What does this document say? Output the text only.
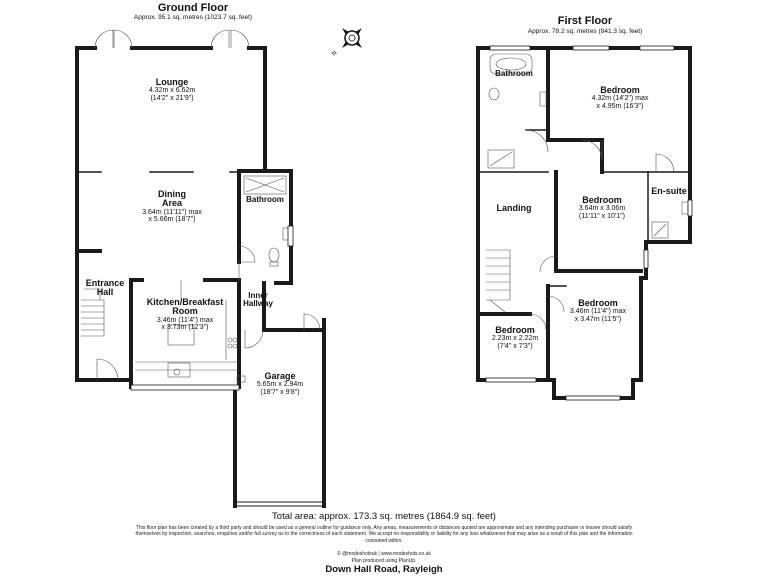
N
Ground Floor
Approx. 95.1 sq. metres (1023.7 sq. feet)	First Floor
Approx. 78.2 sq. metres (841.3 sq. feet)
Lounge
4.32m x 6.62m
(14'2" x 21'9")
Dining
Area
3.64m (11'11") max
x 5.66m (18'7")
Bathroom
Entrance
Hall
Kitchen/Breakfast
Room
3.46m (11'4") max
x 3.73m (12'3")
Inner
Hallway
Garage
5.65m x 2.94m
(18'7" x 9'8")
Bathroom
Bedroom
4.32m (14'2") max
x 4.95m (16'3")
Landing
Bedroom
3.64m x 3.06m
(11'11" x 10'1")
En-suite
Bedroom
3.46m (11'4") max
x 3.47m (11'5")
Bedroom
2.23m x 2.22m
(7'4" x 7'3")
Total area: approx. 173.3 sq. metres (1864.9 sq. feet)
This floor plan has been created by a third party and should be used as a general outline for guidance only. Any areas, measurements or distances quoted are approximate and any intending purchaser or lessee should satisfy themselves by inspection, searches, enquiries and/or full survey as to the correctness of each statement. We accept no responsibility or liability for any loss whatsoever that may arise as a result of this plan and the information contained within.
© @modeshotsuk | www.modeshots.co.uk
Plan produced using PlanUp.
Down Hall Road, Rayleigh
